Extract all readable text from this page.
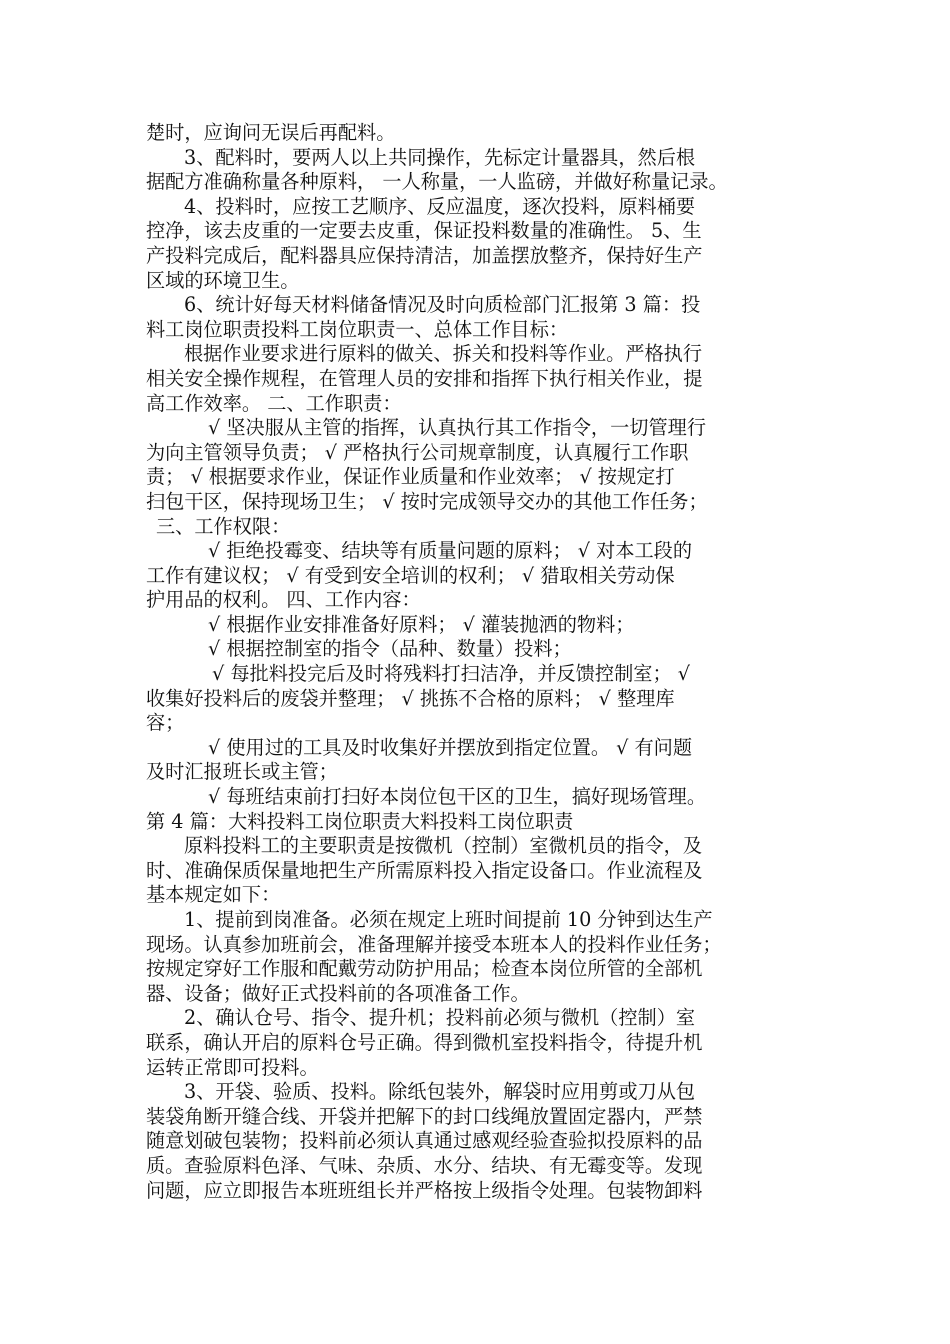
楚时，应询问无误后再配料。
3、配料时，要两人以上共同操作，先标定计量器具，然后根
据配方准确称量各种原料， 一人称量，一人监磅，并做好称量记录。
4、投料时，应按工艺顺序、反应温度，逐次投料，原料桶要
控净，该去皮重的一定要去皮重，保证投料数量的准确性。 5、生
产投料完成后，配料器具应保持清洁，加盖摆放整齐，保持好生产
区域的环境卫生。
6、统计好每天材料储备情况及时向质检部门汇报第 3 篇：投
料工岗位职责投料工岗位职责一、总体工作目标：
根据作业要求进行原料的做关、拆关和投料等作业。严格执行
相关安全操作规程，在管理人员的安排和指挥下执行相关作业，提
高工作效率。 二、工作职责：
√ 坚决服从主管的指挥，认真执行其工作指令，一切管理行
为向主管领导负责； √ 严格执行公司规章制度，认真履行工作职
责； √ 根据要求作业，保证作业质量和作业效率； √ 按规定打
扫包干区，保持现场卫生； √ 按时完成领导交办的其他工作任务；
三、工作权限：
√ 拒绝投霉变、结块等有质量问题的原料； √ 对本工段的
工作有建议权； √ 有受到安全培训的权利； √ 猎取相关劳动保
护用品的权利。 四、工作内容：
√ 根据作业安排准备好原料； √ 灌装抛洒的物料；
√ 根据控制室的指令（品种、数量）投料；
√ 每批料投完后及时将残料打扫洁净，并反馈控制室； √
收集好投料后的废袋并整理； √ 挑拣不合格的原料； √ 整理库
容；
√ 使用过的工具及时收集好并摆放到指定位置。 √ 有问题
及时汇报班长或主管；
√ 每班结束前打扫好本岗位包干区的卫生，搞好现场管理。
第 4 篇：大料投料工岗位职责大料投料工岗位职责
原料投料工的主要职责是按微机（控制）室微机员的指令，及
时、准确保质保量地把生产所需原料投入指定设备口。作业流程及
基本规定如下：
1、提前到岗准备。必须在规定上班时间提前 10 分钟到达生产
现场。认真参加班前会，准备理解并接受本班本人的投料作业任务；
按规定穿好工作服和配戴劳动防护用品；检查本岗位所管的全部机
器、设备；做好正式投料前的各项准备工作。
2、确认仓号、指令、提升机；投料前必须与微机（控制）室
联系，确认开启的原料仓号正确。得到微机室投料指令，待提升机
运转正常即可投料。
3、开袋、验质、投料。除纸包装外，解袋时应用剪或刀从包
装袋角断开缝合线、开袋并把解下的封口线绳放置固定器内，严禁
随意划破包装物；投料前必须认真通过感观经验查验拟投原料的品
质。查验原料色泽、气味、杂质、水分、结块、有无霉变等。发现
问题，应立即报告本班班组长并严格按上级指令处理。包装物卸料
